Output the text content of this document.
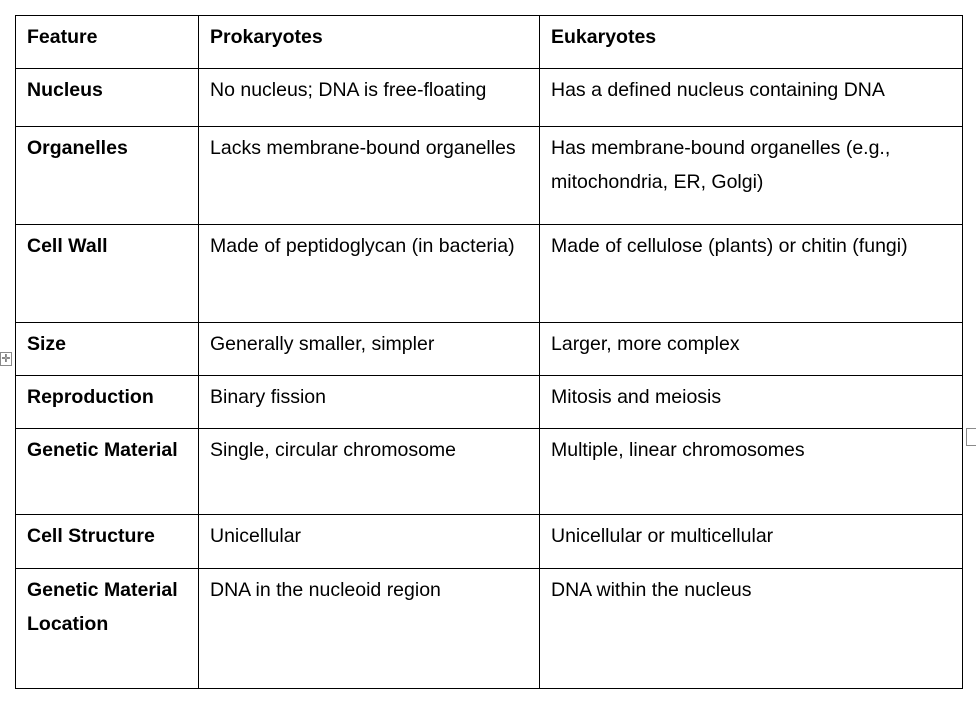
✛
Feature	Prokaryotes	Eukaryotes
Nucleus	No nucleus; DNA is free-floating	Has a defined nucleus containing DNA
Organelles	Lacks membrane-bound organelles	Has membrane-bound organelles (e.g., mitochondria, ER, Golgi)
Cell Wall	Made of peptidoglycan (in bacteria)	Made of cellulose (plants) or chitin (fungi)
Size	Generally smaller, simpler	Larger, more complex
Reproduction	Binary fission	Mitosis and meiosis
Genetic Material	Single, circular chromosome	Multiple, linear chromosomes
Cell Structure	Unicellular	Unicellular or multicellular
Genetic Material Location	DNA in the nucleoid region	DNA within the nucleus
